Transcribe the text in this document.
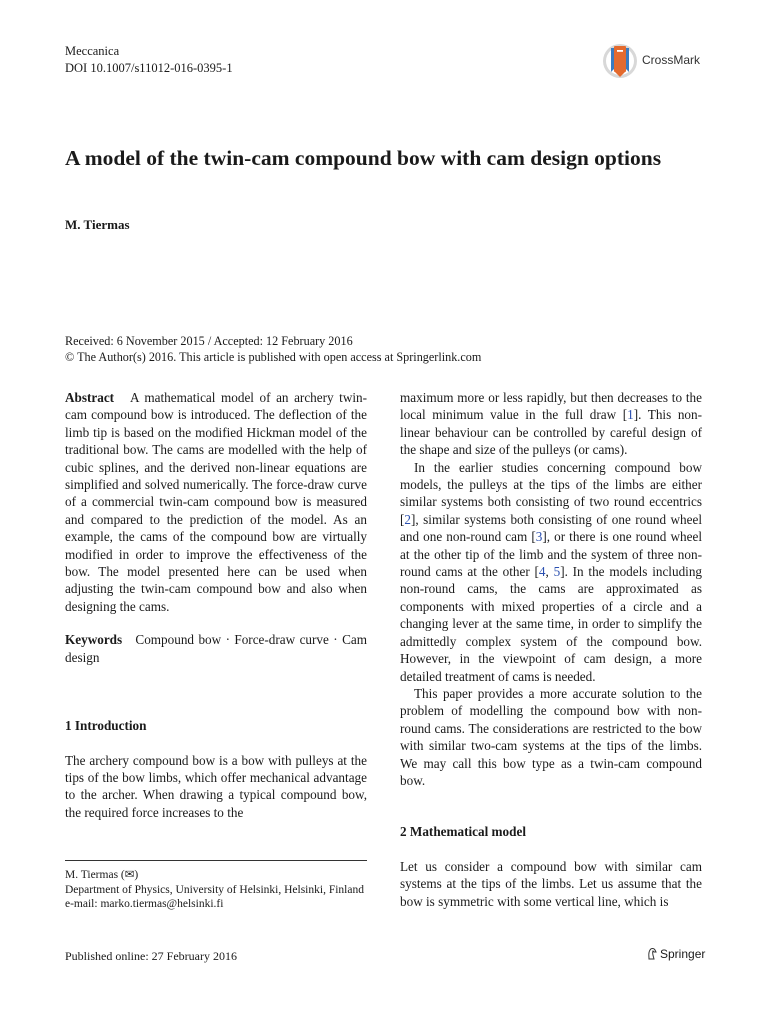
Meccanica
DOI 10.1007/s11012-016-0395-1
CrossMark
A model of the twin-cam compound bow with cam design options
M. Tiermas
Received: 6 November 2015 / Accepted: 12 February 2016
© The Author(s) 2016. This article is published with open access at Springerlink.com

Abstract A mathematical model of an archery twin-cam compound bow is introduced. The deflection of the limb tip is based on the modified Hickman model of the traditional bow. The cams are modelled with the help of cubic splines, and the derived non-linear equations are simplified and solved numerically. The force-draw curve of a commercial twin-cam compound bow is measured and compared to the prediction of the model. As an example, the cams of the compound bow are virtually modified in order to improve the effectiveness of the bow. The model presented here can be used when adjusting the twin-cam compound bow and also when designing the cams.

Keywords Compound bow · Force-draw curve · Cam design

1 Introduction

The archery compound bow is a bow with pulleys at the tips of the bow limbs, which offer mechanical advantage to the archer. When drawing a typical compound bow, the required force increases to the

maximum more or less rapidly, but then decreases to the local minimum value in the full draw [1]. This non-linear behaviour can be controlled by careful design of the shape and size of the pulleys (or cams).

In the earlier studies concerning compound bow models, the pulleys at the tips of the limbs are either similar systems both consisting of two round eccentrics [2], similar systems both consisting of one round wheel and one non-round cam [3], or there is one round wheel at the other tip of the limb and the system of three non-round cams at the other [4, 5]. In the models including non-round cams, the cams are approximated as components with mixed properties of a circle and a changing lever at the same time, in order to simplify the admittedly complex system of the compound bow. However, in the viewpoint of cam design, a more detailed treatment of cams is needed.

This paper provides a more accurate solution to the problem of modelling the compound bow with non-round cams. The considerations are restricted to the bow with similar two-cam systems at the tips of the limbs. We may call this bow type as a twin-cam compound bow.

2 Mathematical model

Let us consider a compound bow with similar cam systems at the tips of the limbs. Let us assume that the bow is symmetric with some vertical line, which is

M. Tiermas (✉)
Department of Physics, University of Helsinki, Helsinki, Finland
e-mail: marko.tiermas@helsinki.fi
Published online: 27 February 2016	Springer
